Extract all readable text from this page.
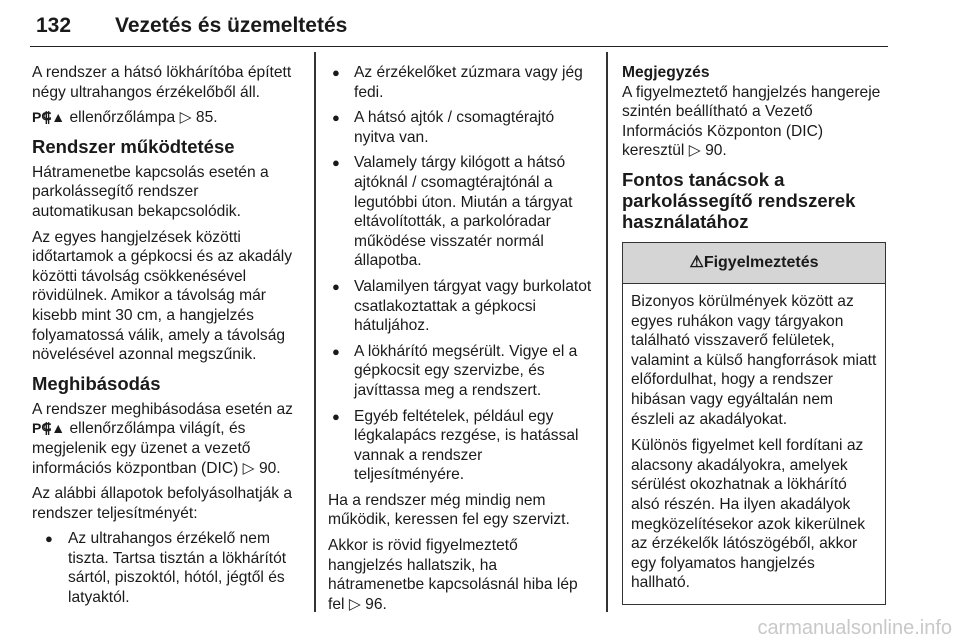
132 Vezetés és üzemeltetés

A rendszer a hátsó lökhárítóba épített négy ultrahangos érzékelőből áll.

P⸿▲ ellenőrzőlámpa ▷ 85.

Rendszer működtetése

Hátramenetbe kapcsolás esetén a parkolássegítő rendszer automatikusan bekapcsolódik.

Az egyes hangjelzések közötti időtartamok a gépkocsi és az akadály közötti távolság csökkenésével rövidülnek. Amikor a távolság már kisebb mint 30 cm, a hangjelzés folyamatossá válik, amely a távolság növelésével azonnal megszűnik.

Meghibásodás

A rendszer meghibásodása esetén az P⸿▲ ellenőrzőlámpa világít, és megjelenik egy üzenet a vezető információs központban (DIC) ▷ 90.

Az alábbi állapotok befolyásolhatják a rendszer teljesítményét:

● Az ultrahangos érzékelő nem tiszta. Tartsa tisztán a lökhárítót sártól, piszoktól, hótól, jégtől és latyaktól.
● Az érzékelőket zúzmara vagy jég fedi.
● A hátsó ajtók / csomagtérajtó nyitva van.
● Valamely tárgy kilógott a hátsó ajtóknál / csomagtérajtónál a legutóbbi úton. Miután a tárgyat eltávolították, a parkolóradar működése visszatér normál állapotba.
● Valamilyen tárgyat vagy burkolatot csatlakoztattak a gépkocsi hátuljához.
● A lökhárító megsérült. Vigye el a gépkocsit egy szervizbe, és javíttassa meg a rendszert.
● Egyéb feltételek, például egy légkalapács rezgése, is hatással vannak a rendszer teljesítményére.

Ha a rendszer még mindig nem működik, keressen fel egy szervizt.

Akkor is rövid figyelmeztető hangjelzés hallatszik, ha hátramenetbe kapcsolásnál hiba lép fel ▷ 96.

Megjegyzés
A figyelmeztető hangjelzés hangereje szintén beállítható a Vezető Információs Központon (DIC) keresztül ▷ 90.

Fontos tanácsok a parkolássegítő rendszerek használatához
⚠Figyelmeztetés

Bizonyos körülmények között az egyes ruhákon vagy tárgyakon található visszaverő felületek, valamint a külső hangforrások miatt előfordulhat, hogy a rendszer hibásan vagy egyáltalán nem észleli az akadályokat.

Különös figyelmet kell fordítani az alacsony akadályokra, amelyek sérülést okozhatnak a lökhárító alsó részén. Ha ilyen akadályok megközelítésekor azok kikerülnek az érzékelők látószögéből, akkor egy folyamatos hangjelzés hallható.

carmanualsonline.info
